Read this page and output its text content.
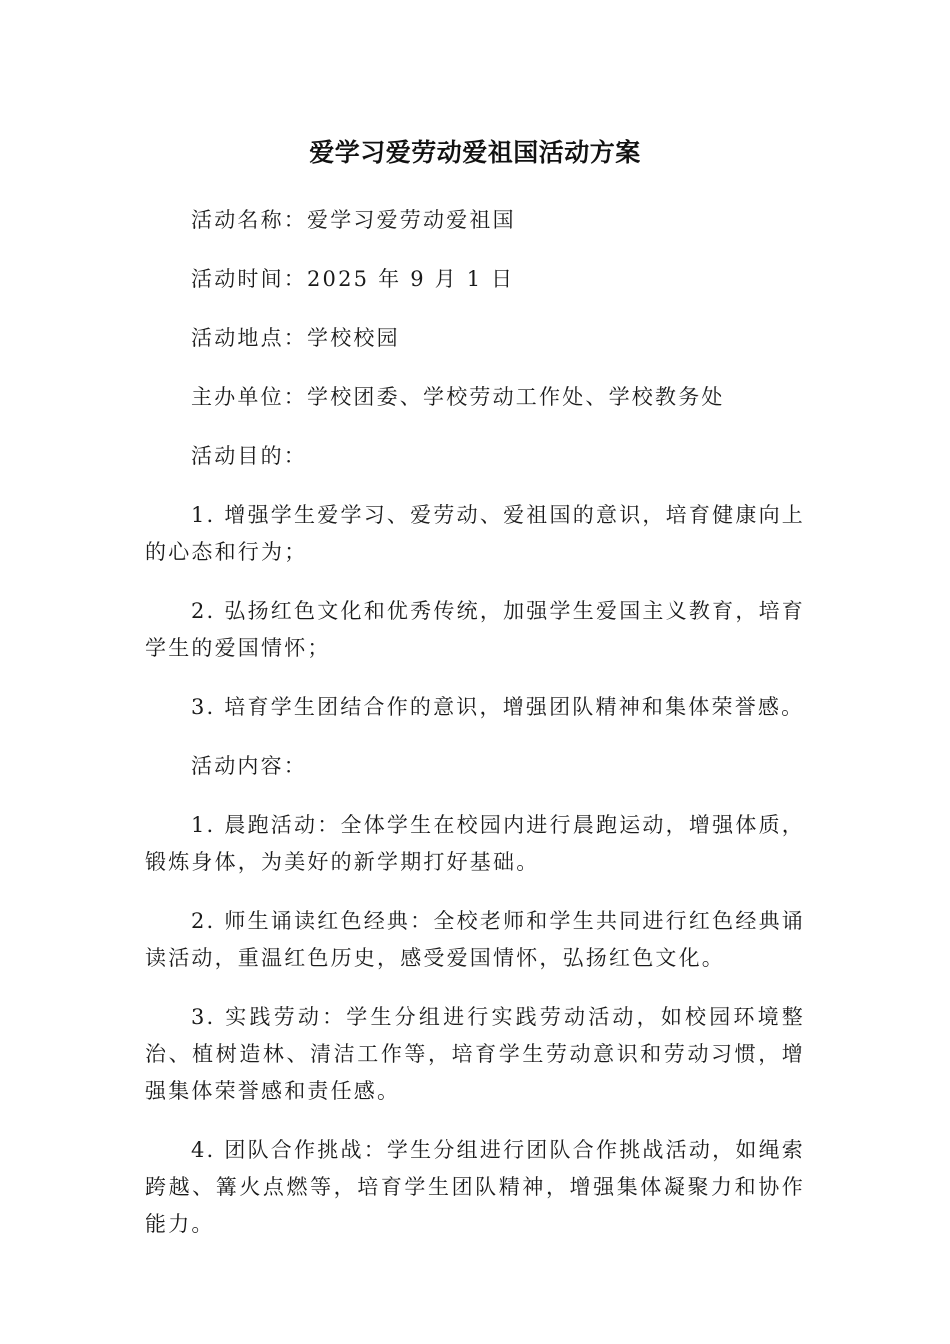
爱学习爱劳动爱祖国活动方案

活动名称：爱学习爱劳动爱祖国

活动时间：2025 年 9 月 1 日

活动地点：学校校园

主办单位：学校团委、学校劳动工作处、学校教务处

活动目的：

1. 增强学生爱学习、爱劳动、爱祖国的意识，培育健康向上的心态和行为；

2. 弘扬红色文化和优秀传统，加强学生爱国主义教育，培育学生的爱国情怀；

3. 培育学生团结合作的意识，增强团队精神和集体荣誉感。

活动内容：

1. 晨跑活动：全体学生在校园内进行晨跑运动，增强体质，锻炼身体，为美好的新学期打好基础。

2. 师生诵读红色经典：全校老师和学生共同进行红色经典诵读活动，重温红色历史，感受爱国情怀，弘扬红色文化。

3. 实践劳动：学生分组进行实践劳动活动，如校园环境整治、植树造林、清洁工作等，培育学生劳动意识和劳动习惯，增强集体荣誉感和责任感。

4. 团队合作挑战：学生分组进行团队合作挑战活动，如绳索跨越、篝火点燃等，培育学生团队精神，增强集体凝聚力和协作能力。
